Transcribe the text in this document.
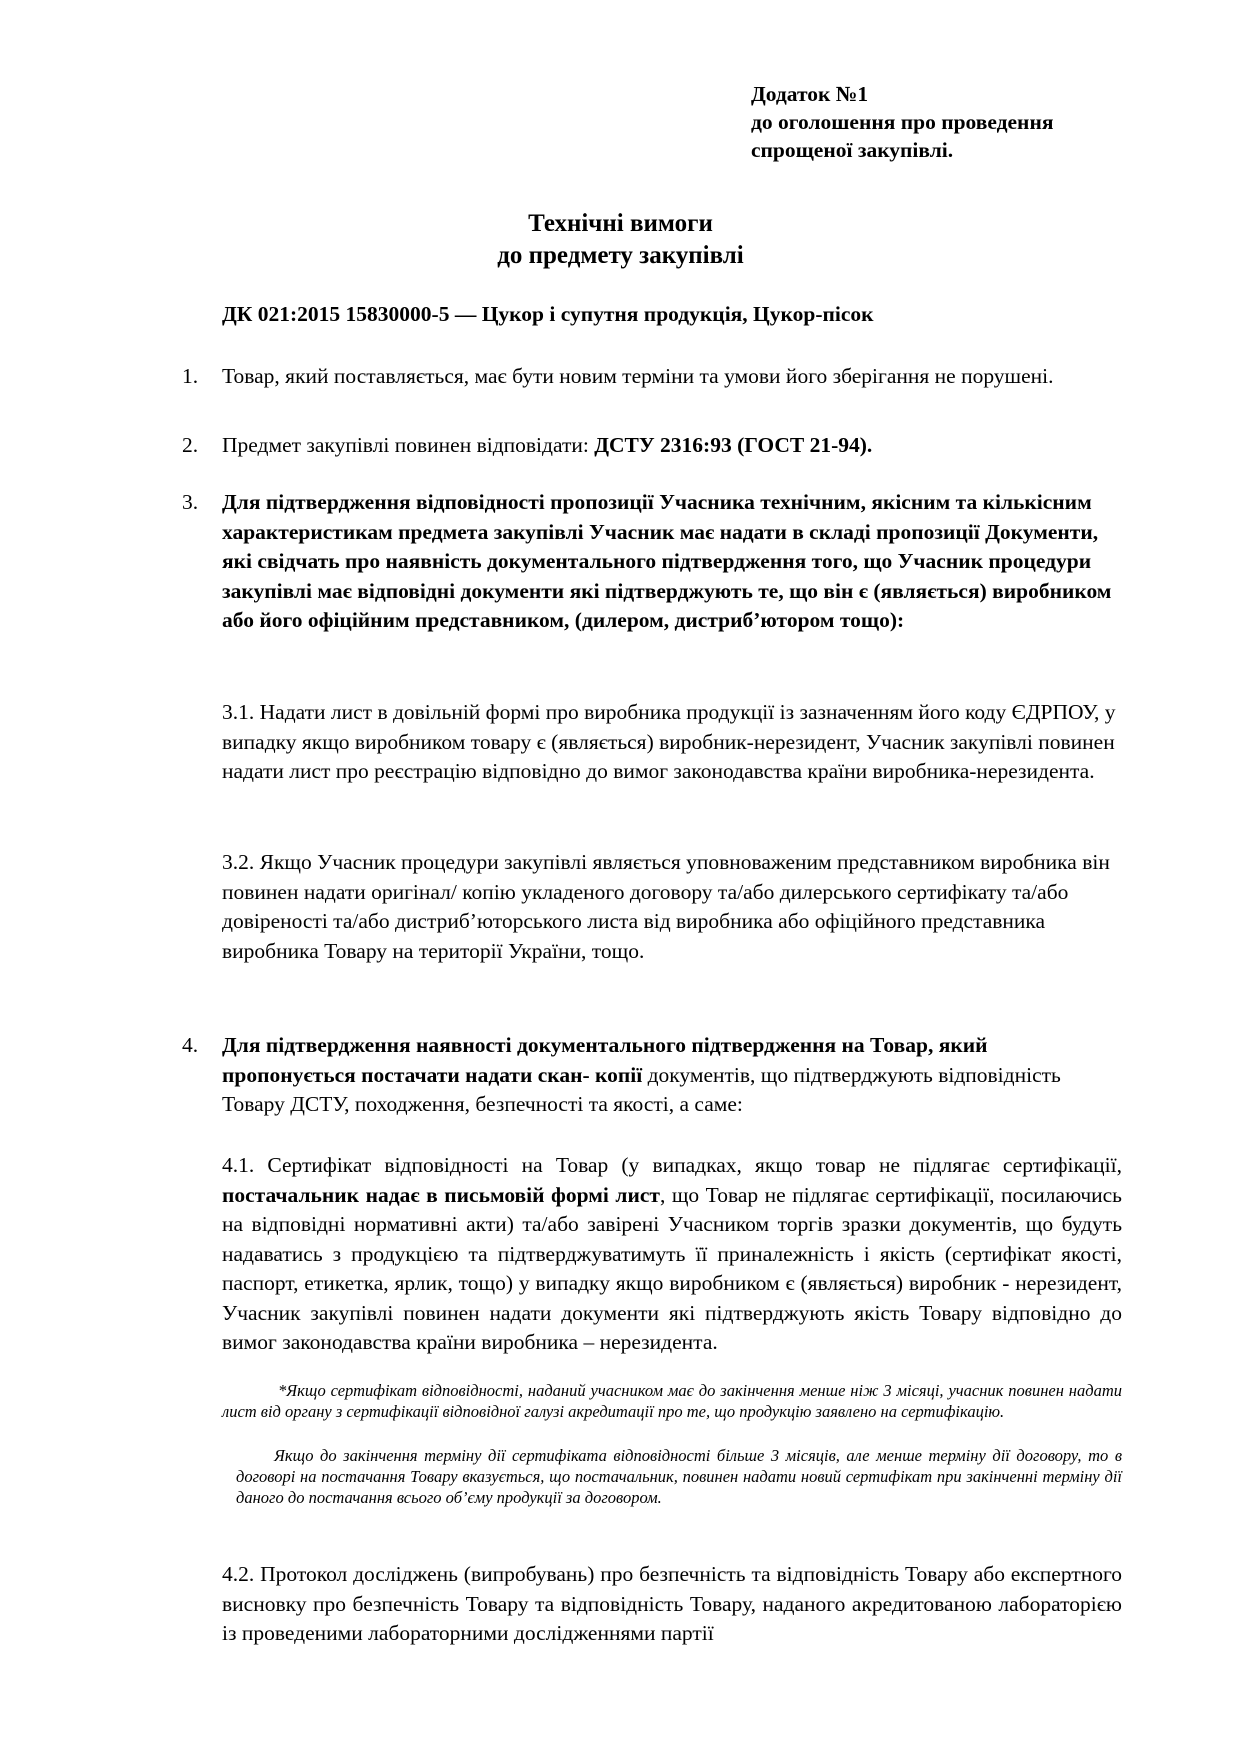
Додаток №1
до оголошення про проведення
спрощеної закупівлі.
Технічні вимоги
до предмету закупівлі
ДК 021:2015 15830000-5 — Цукор і супутня продукція, Цукор-пісок
1. Товар, який поставляється, має бути новим терміни та умови його зберігання не порушені.
2. Предмет закупівлі повинен відповідати: ДСТУ 2316:93 (ГОСТ 21-94).
3. Для підтвердження відповідності пропозиції Учасника технічним, якісним та кількісним характеристикам предмета закупівлі Учасник має надати в складі пропозиції Документи, які свідчать про наявність документального підтвердження того, що Учасник процедури закупівлі має відповідні документи які підтверджують те, що він є (являється) виробником або його офіційним представником, (дилером, дистриб’ютором тощо):
3.1. Надати лист в довільній формі про виробника продукції із зазначенням його коду ЄДРПОУ, у випадку якщо виробником товару є (являється) виробник-нерезидент, Учасник закупівлі повинен надати лист про реєстрацію відповідно до вимог законодавства країни виробника-нерезидента.
3.2. Якщо Учасник процедури закупівлі являється уповноваженим представником виробника він повинен надати оригінал/ копію укладеного договору та/або дилерського сертифікату та/або довіреності та/або дистриб’юторського листа від виробника або офіційного представника виробника Товару на території України, тощо.
4. Для підтвердження наявності документального підтвердження на Товар, який пропонується постачати надати скан- копії документів, що підтверджують відповідність Товару ДСТУ, походження, безпечності та якості, а саме:
4.1. Сертифікат відповідності на Товар (у випадках, якщо товар не підлягає сертифікації, постачальник надає в письмовій формі лист, що Товар не підлягає сертифікації, посилаючись на відповідні нормативні акти) та/або завірені Учасником торгів зразки документів, що будуть надаватись з продукцією та підтверджуватимуть її приналежність і якість (сертифікат якості, паспорт, етикетка, ярлик, тощо) у випадку якщо виробником є (являється) виробник - нерезидент, Учасник закупівлі повинен надати документи які підтверджують якість Товару відповідно до вимог законодавства країни виробника – нерезидента.
*Якщо сертифікат відповідності, наданий учасником має до закінчення менше ніж 3 місяці, учасник повинен надати лист від органу з сертифікації відповідної галузі акредитації про те, що продукцію заявлено на сертифікацію.
Якщо до закінчення терміну дії сертифіката відповідності більше 3 місяців, але менше терміну дії договору, то в договорі на постачання Товару вказується, що постачальник, повинен надати новий сертифікат при закінченні терміну дії даного до постачання всього об’єму продукції за договором.
4.2. Протокол досліджень (випробувань) про безпечність та відповідність Товару або експертного висновку про безпечність Товару та відповідність Товару, наданого акредитованою лабораторією із проведеними лабораторними дослідженнями партії
